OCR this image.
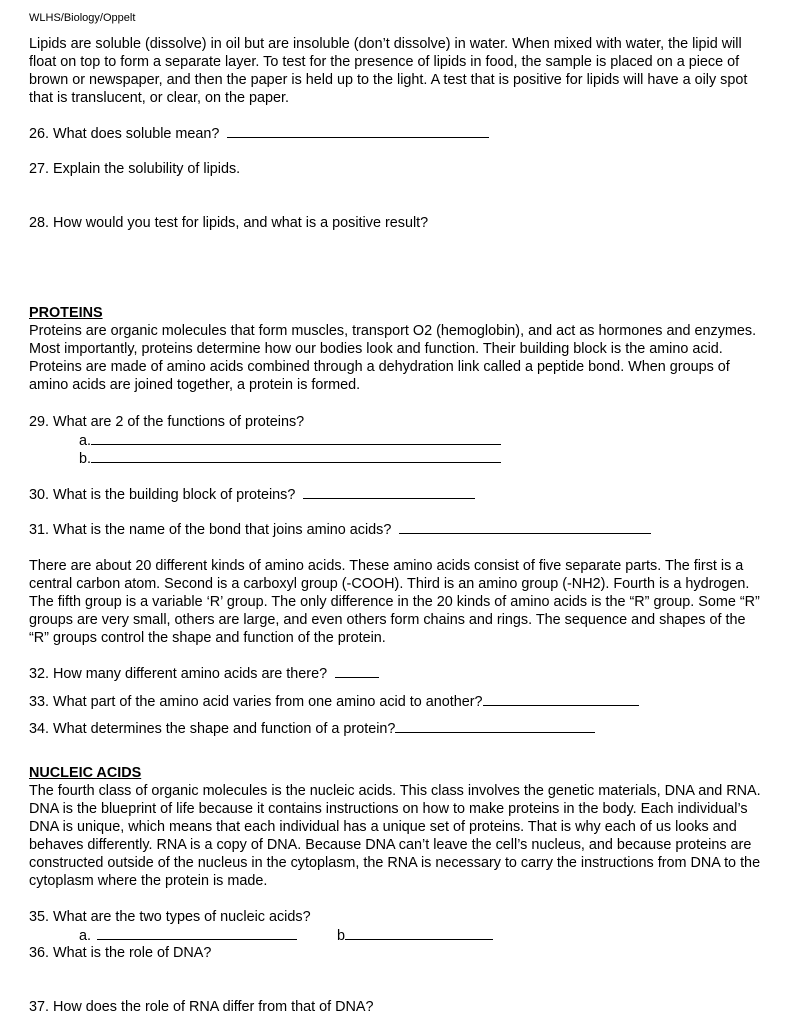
WLHS/Biology/Oppelt

Lipids are soluble (dissolve) in oil but are insoluble (don’t dissolve) in water. When mixed with water, the lipid will float on top to form a separate layer. To test for the presence of lipids in food, the sample is placed on a piece of brown or newspaper, and then the paper is held up to the light. A test that is positive for lipids will have a oily spot that is translucent, or clear, on the paper.

26. What does soluble mean?
27. Explain the solubility of lipids.
28. How would you test for lipids, and what is a positive result?
PROTEINS

Proteins are organic molecules that form muscles, transport O2 (hemoglobin), and act as hormones and enzymes. Most importantly, proteins determine how our bodies look and function. Their building block is the amino acid. Proteins are made of amino acids combined through a dehydration link called a peptide bond. When groups of amino acids are joined together, a protein is formed.

29. What are 2 of the functions of proteins?
a.
b.
30. What is the building block of proteins?
31. What is the name of the bond that joins amino acids?

There are about 20 different kinds of amino acids. These amino acids consist of five separate parts. The first is a central carbon atom. Second is a carboxyl group (-COOH). Third is an amino group (-NH2). Fourth is a hydrogen. The fifth group is a variable ‘R’ group. The only difference in the 20 kinds of amino acids is the “R” group. Some “R” groups are very small, others are large, and even others form chains and rings. The sequence and shapes of the “R” groups control the shape and function of the protein.

32. How many different amino acids are there?
33. What part of the amino acid varies from one amino acid to another?
34. What determines the shape and function of a protein?
NUCLEIC ACIDS

The fourth class of organic molecules is the nucleic acids. This class involves the genetic materials, DNA and RNA. DNA is the blueprint of life because it contains instructions on how to make proteins in the body. Each individual’s DNA is unique, which means that each individual has a unique set of proteins. That is why each of us looks and behaves differently. RNA is a copy of DNA. Because DNA can’t leave the cell’s nucleus, and because proteins are constructed outside of the nucleus in the cytoplasm, the RNA is necessary to carry the instructions from DNA to the cytoplasm where the protein is made.

35. What are the two types of nucleic acids?
a.	b
36. What is the role of DNA?
37. How does the role of RNA differ from that of DNA?
